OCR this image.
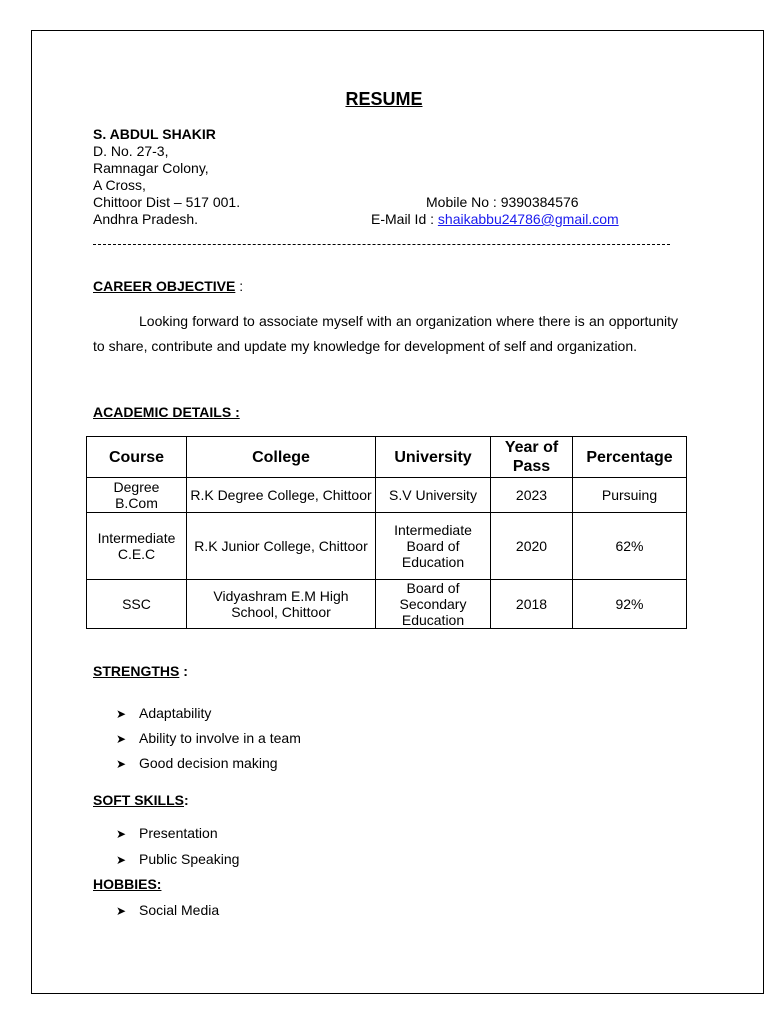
RESUME
S. ABDUL SHAKIR
D. No. 27-3,
Ramnagar Colony,
A Cross,
Chittoor Dist – 517 001.
Andhra Pradesh.
Mobile No : 9390384576
E-Mail Id : shaikabbu24786@gmail.com
CAREER OBJECTIVE :
Looking forward to associate myself with an organization where there is an opportunity to share, contribute and update my knowledge for development of self and organization.
ACADEMIC DETAILS :
Course	College	University	Year of Pass	Percentage

Degree
B.Com	R.K Degree College, Chittoor	S.V University	2023	Pursuing

Intermediate
C.E.C	R.K Junior College, Chittoor	Intermediate Board of Education	2020	62%

SSC	Vidyashram E.M High School, Chittoor	Board of Secondary Education	2018	92%
STRENGTHS :
➤ Adaptability
➤ Ability to involve in a team
➤ Good decision making
SOFT SKILLS:
➤ Presentation
➤ Public Speaking
HOBBIES:
➤ Social Media
